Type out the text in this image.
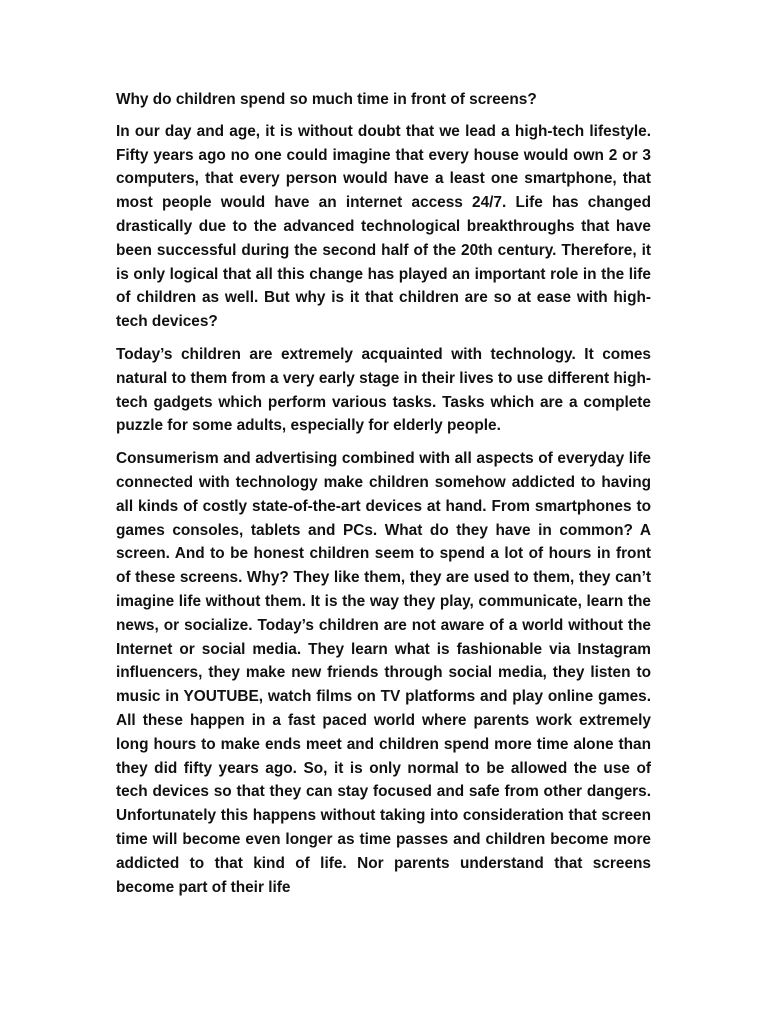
Why do children spend so much time in front of screens?

In our day and age, it is without doubt that we lead a high-tech lifestyle. Fifty years ago no one could imagine that every house would own 2 or 3 computers, that every person would have a least one smartphone, that most people would have an internet access 24/7. Life has changed drastically due to the advanced technological breakthroughs that have been successful during the second half of the 20th century. Therefore, it is only logical that all this change has played an important role in the life of children as well. But why is it that children are so at ease with high-tech devices?

Today’s children are extremely acquainted with technology. It comes natural to them from a very early stage in their lives to use different high-tech gadgets which perform various tasks. Tasks which are a complete puzzle for some adults, especially for elderly people.

Consumerism and advertising combined with all aspects of everyday life connected with technology make children somehow addicted to having all kinds of costly state-of-the-art devices at hand. From smartphones to games consoles, tablets and PCs. What do they have in common? A screen. And to be honest children seem to spend a lot of hours in front of these screens. Why? They like them, they are used to them, they can’t imagine life without them. It is the way they play, communicate, learn the news, or socialize. Today’s children are not aware of a world without the Internet or social media. They learn what is fashionable via Instagram influencers, they make new friends through social media, they listen to music in YOUTUBE, watch films on TV platforms and play online games. All these happen in a fast paced world where parents work extremely long hours to make ends meet and children spend more time alone than they did fifty years ago. So, it is only normal to be allowed the use of tech devices so that they can stay focused and safe from other dangers. Unfortunately this happens without taking into consideration that screen time will become even longer as time passes and children become more addicted to that kind of life. Nor parents understand that screens become part of their life
